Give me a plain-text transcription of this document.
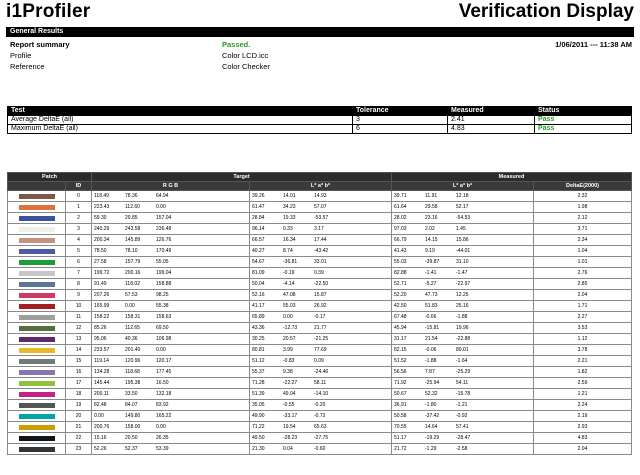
i1Profiler	Verification Display
General Results
Report summary	Passed.	1/06/2011 --- 11:38 AM
Profile	Color LCD.icc
Reference	Color Checker
Test	Tolerance	Measured	Status
Average DeltaE (all)	3	2.41	Pass
Maximum DeltaE (all)	6	4.83	Pass
Patch		Target		Measured	
	ID	R G B	L* a* b*	L* a* b*	DeltaE(2000)

	0	118.49 78.36 64.94	39.26 14.01 14.93	39.71 11.91 12.18	2.32

	1	223.43 112.60 0.00	61.47 34.23 57.07	61.64 29.58 52.17	1.98

	2	59.30 29.85 157.04	28.84 19.33 -53.57	28.02 23.16 -54.53	2.12

	3	240.29 243.58 236.48	96.14 0.33 3.17	97.03 2.02 1.45	3.71

	4	200.34 145.89 126.76	66.57 16.34 17.44	66.79 14.15 15.86	2.34

	5	78.50 78.10 170.49	40.27 8.74 -43.42	41.43 9.19 -44.01	1.04

	6	27.58 157.79 55.05	54.67 -36.81 33.01	55.03 -39.87 31.10	1.01

	7	199.72 200.16 199.04	81.09 -0.19 0.39	82.88 -1.41 -1.47	2.76

	8	91.49 118.02 158.88	50.04 -4.14 -22.50	52.71 -5.27 -22.97	2.85

	9	207.26 57.53 98.25	52.16 47.08 15.87	52.20 47.73 12.25	2.04

	10	165.99 0.00 55.38	41.17 55.03 26.92	42.50 51.83 25.16	1.71

	11	158.22 158.31 158.63	65.89 0.00 -0.17	67.48 -0.66 -1.88	2.27

	12	85.26 112.65 69.50	43.36 -12.73 21.77	45.94 -15.81 19.96	3.53

	13	95.06 40.36 106.98	30.25 20.57 -21.25	31.17 21.54 -22.88	1.12

	14	233.57 201.40 0.00	80.81 3.99 77.69	82.15 -0.06 80.01	3.78

	15	119.14 120.96 120.17	51.12 -0.83 0.09	51.52 -1.88 -1.64	2.21

	16	134.28 118.68 177.45	55.37 9.38 -24.46	56.56 7.87 -25.29	1.82

	17	145.44 195.38 16.50	71.28 -22.27 58.11	71.92 -25.94 54.11	2.59

	18	200.11 33.50 132.18	51.39 49.04 -14.10	50.67 52.32 -15.78	1.21

	19	82.48 84.07 83.92	35.05 -0.55 -0.20	36.91 -1.80 -1.21	2.24

	20	0.00 149.80 165.22	49.90 -33.17 -0.72	50.58 -37.42 -0.92	2.19

	21	200.76 158.00 0.00	71.22 19.54 65.63	70.55 14.64 57.41	2.93

	22	15.16 20.50 26.35	49.50 -28.23 -27.75	51.17 -19.29 -28.47	4.83

	23	52.26 52.37 53.39	21.30 0.04 -0.60	21.72 -1.29 -2.58	2.04
